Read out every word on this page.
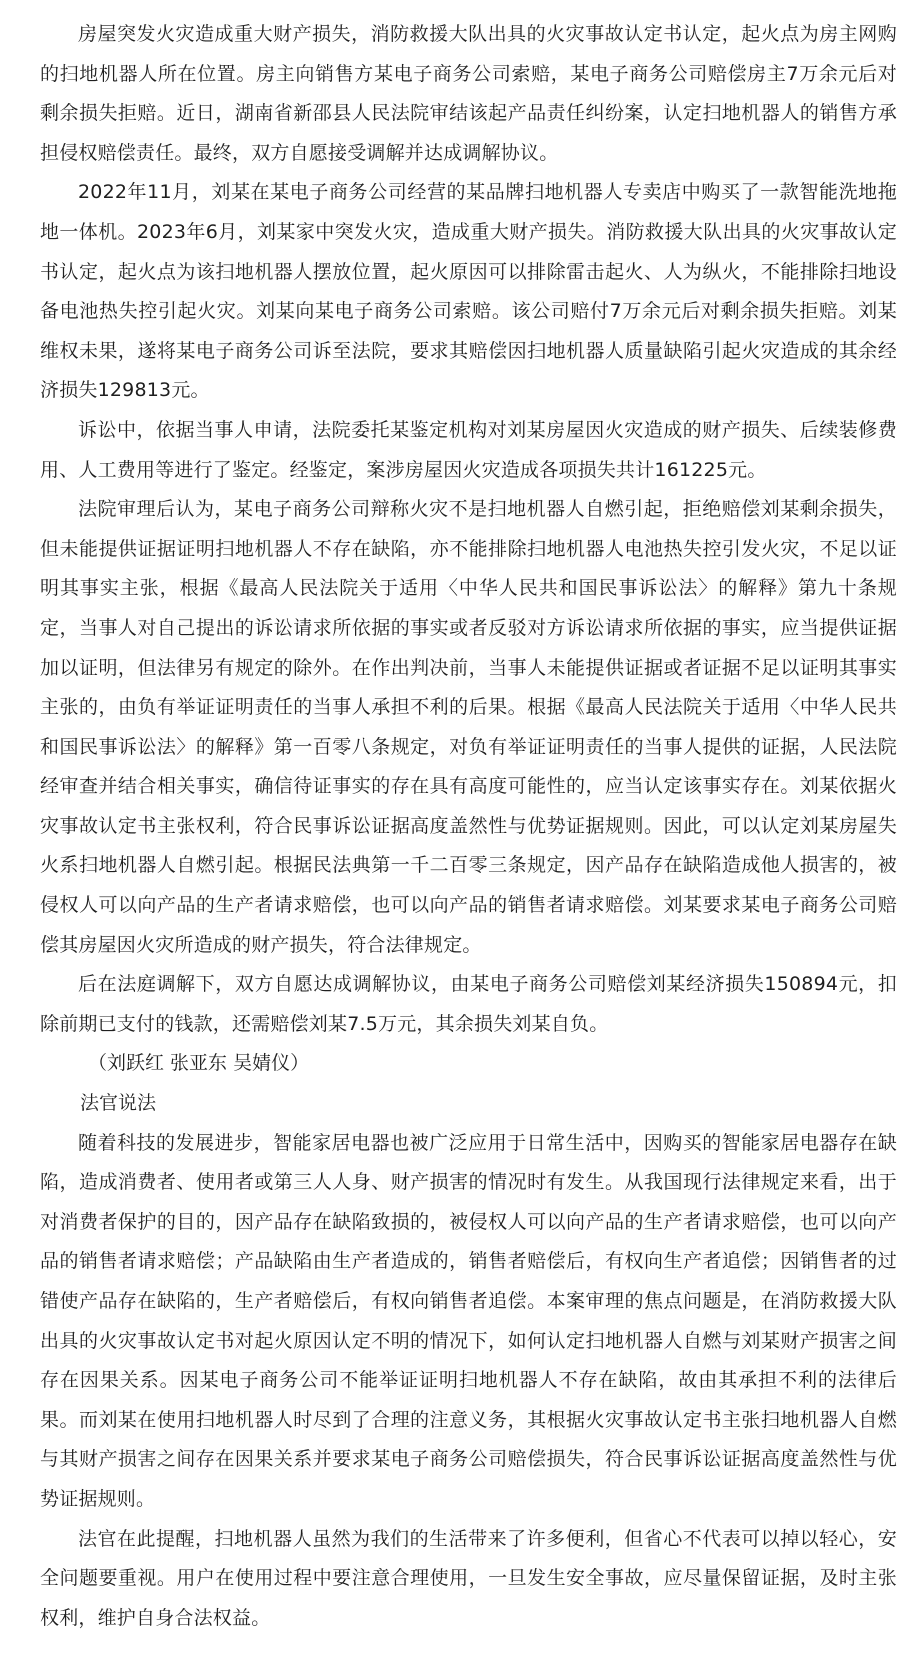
房屋突发火灾造成重大财产损失，消防救援大队出具的火灾事故认定书认定，起火点为房主网购的扫地机器人所在位置。房主向销售方某电子商务公司索赔，某电子商务公司赔偿房主7万余元后对剩余损失拒赔。近日，湖南省新邵县人民法院审结该起产品责任纠纷案，认定扫地机器人的销售方承担侵权赔偿责任。最终，双方自愿接受调解并达成调解协议。

2022年11月，刘某在某电子商务公司经营的某品牌扫地机器人专卖店中购买了一款智能洗地拖地一体机。2023年6月，刘某家中突发火灾，造成重大财产损失。消防救援大队出具的火灾事故认定书认定，起火点为该扫地机器人摆放位置，起火原因可以排除雷击起火、人为纵火，不能排除扫地设备电池热失控引起火灾。刘某向某电子商务公司索赔。该公司赔付7万余元后对剩余损失拒赔。刘某维权未果，遂将某电子商务公司诉至法院，要求其赔偿因扫地机器人质量缺陷引起火灾造成的其余经济损失129813元。

诉讼中，依据当事人申请，法院委托某鉴定机构对刘某房屋因火灾造成的财产损失、后续装修费用、人工费用等进行了鉴定。经鉴定，案涉房屋因火灾造成各项损失共计161225元。

法院审理后认为，某电子商务公司辩称火灾不是扫地机器人自燃引起，拒绝赔偿刘某剩余损失，但未能提供证据证明扫地机器人不存在缺陷，亦不能排除扫地机器人电池热失控引发火灾，不足以证明其事实主张，根据《最高人民法院关于适用〈中华人民共和国民事诉讼法〉的解释》第九十条规定，当事人对自己提出的诉讼请求所依据的事实或者反驳对方诉讼请求所依据的事实，应当提供证据加以证明，但法律另有规定的除外。在作出判决前，当事人未能提供证据或者证据不足以证明其事实主张的，由负有举证证明责任的当事人承担不利的后果。根据《最高人民法院关于适用〈中华人民共和国民事诉讼法〉的解释》第一百零八条规定，对负有举证证明责任的当事人提供的证据，人民法院经审查并结合相关事实，确信待证事实的存在具有高度可能性的，应当认定该事实存在。刘某依据火灾事故认定书主张权利，符合民事诉讼证据高度盖然性与优势证据规则。因此，可以认定刘某房屋失火系扫地机器人自燃引起。根据民法典第一千二百零三条规定，因产品存在缺陷造成他人损害的，被侵权人可以向产品的生产者请求赔偿，也可以向产品的销售者请求赔偿。刘某要求某电子商务公司赔偿其房屋因火灾所造成的财产损失，符合法律规定。

后在法庭调解下，双方自愿达成调解协议，由某电子商务公司赔偿刘某经济损失150894元，扣除前期已支付的钱款，还需赔偿刘某7.5万元，其余损失刘某自负。

（刘跃红 张亚东 吴婧仪）

法官说法

随着科技的发展进步，智能家居电器也被广泛应用于日常生活中，因购买的智能家居电器存在缺陷，造成消费者、使用者或第三人人身、财产损害的情况时有发生。从我国现行法律规定来看，出于对消费者保护的目的，因产品存在缺陷致损的，被侵权人可以向产品的生产者请求赔偿，也可以向产品的销售者请求赔偿；产品缺陷由生产者造成的，销售者赔偿后，有权向生产者追偿；因销售者的过错使产品存在缺陷的，生产者赔偿后，有权向销售者追偿。本案审理的焦点问题是，在消防救援大队出具的火灾事故认定书对起火原因认定不明的情况下，如何认定扫地机器人自燃与刘某财产损害之间存在因果关系。因某电子商务公司不能举证证明扫地机器人不存在缺陷，故由其承担不利的法律后果。而刘某在使用扫地机器人时尽到了合理的注意义务，其根据火灾事故认定书主张扫地机器人自燃与其财产损害之间存在因果关系并要求某电子商务公司赔偿损失，符合民事诉讼证据高度盖然性与优势证据规则。

法官在此提醒，扫地机器人虽然为我们的生活带来了许多便利，但省心不代表可以掉以轻心，安全问题要重视。用户在使用过程中要注意合理使用，一旦发生安全事故，应尽量保留证据，及时主张权利，维护自身合法权益。
